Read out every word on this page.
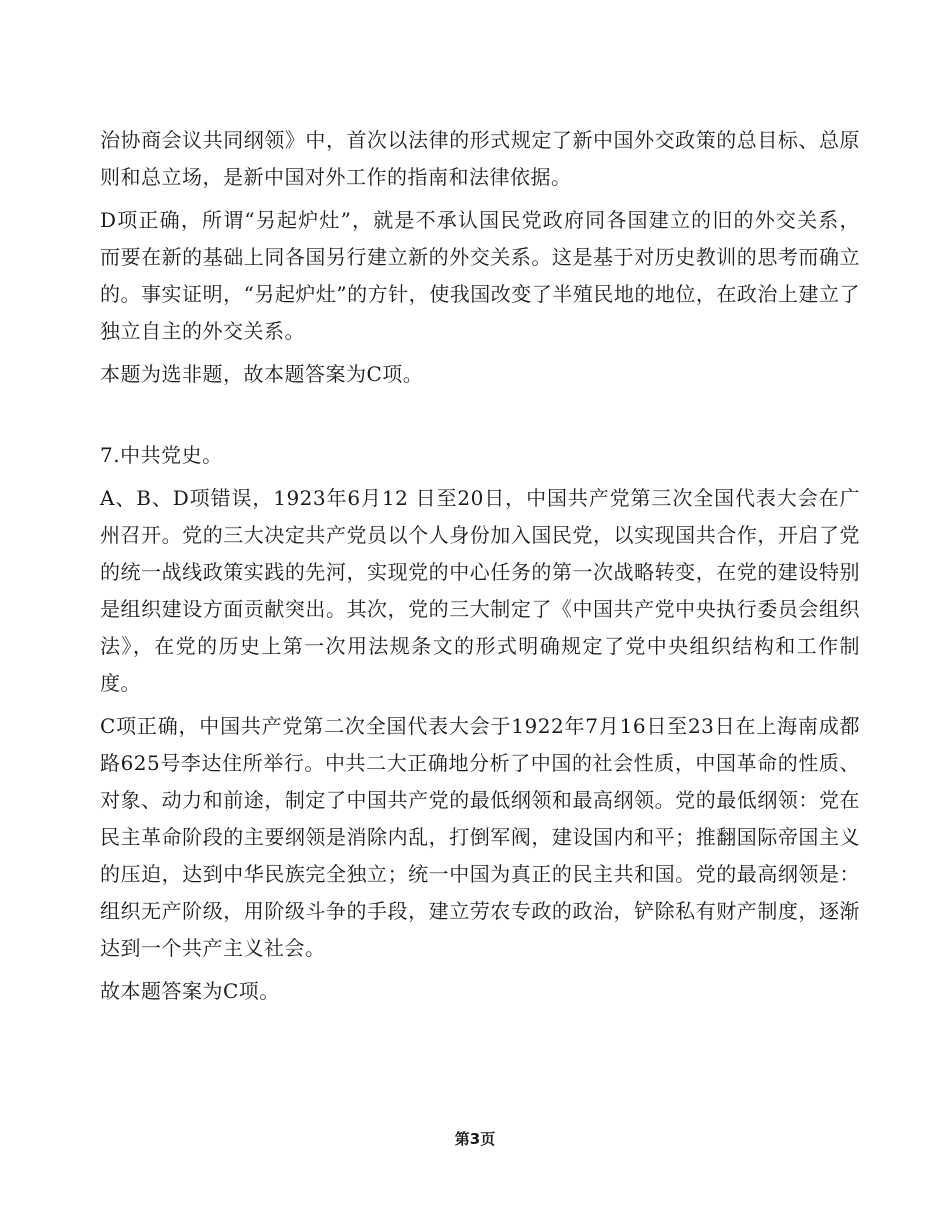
治协商会议共同纲领》中，首次以法律的形式规定了新中国外交政策的总目标、总原则和总立场，是新中国对外工作的指南和法律依据。

D项正确，所谓“另起炉灶”，就是不承认国民党政府同各国建立的旧的外交关系， 而要在新的基础上同各国另行建立新的外交关系。这是基于对历史教训的思考而确立的。事实证明，“另起炉灶”的方针，使我国改变了半殖民地的地位，在政治上建立了独立自主的外交关系。

本题为选非题，故本题答案为C项。

7.中共党史。

A、B、D项错误，1923年6月12 日至20日，中国共产党第三次全国代表大会在广州召开。党的三大决定共产党员以个人身份加入国民党，以实现国共合作，开启了党的统一战线政策实践的先河，实现党的中心任务的第一次战略转变，在党的建设特别是组织建设方面贡献突出。其次，党的三大制定了《中国共产党中央执行委员会组织法》，在党的历史上第一次用法规条文的形式明确规定了党中央组织结构和工作制度。

C项正确，中国共产党第二次全国代表大会于1922年7月16日至23日在上海南成都路625号李达住所举行。中共二大正确地分析了中国的社会性质，中国革命的性质、对象、动力和前途，制定了中国共产党的最低纲领和最高纲领。党的最低纲领：党在民主革命阶段的主要纲领是消除内乱，打倒军阀，建设国内和平；推翻国际帝国主义的压迫，达到中华民族完全独立；统一中国为真正的民主共和国。党的最高纲领是：组织无产阶级，用阶级斗争的手段，建立劳农专政的政治，铲除私有财产制度，逐渐达到一个共产主义社会。

故本题答案为C项。

第3页
